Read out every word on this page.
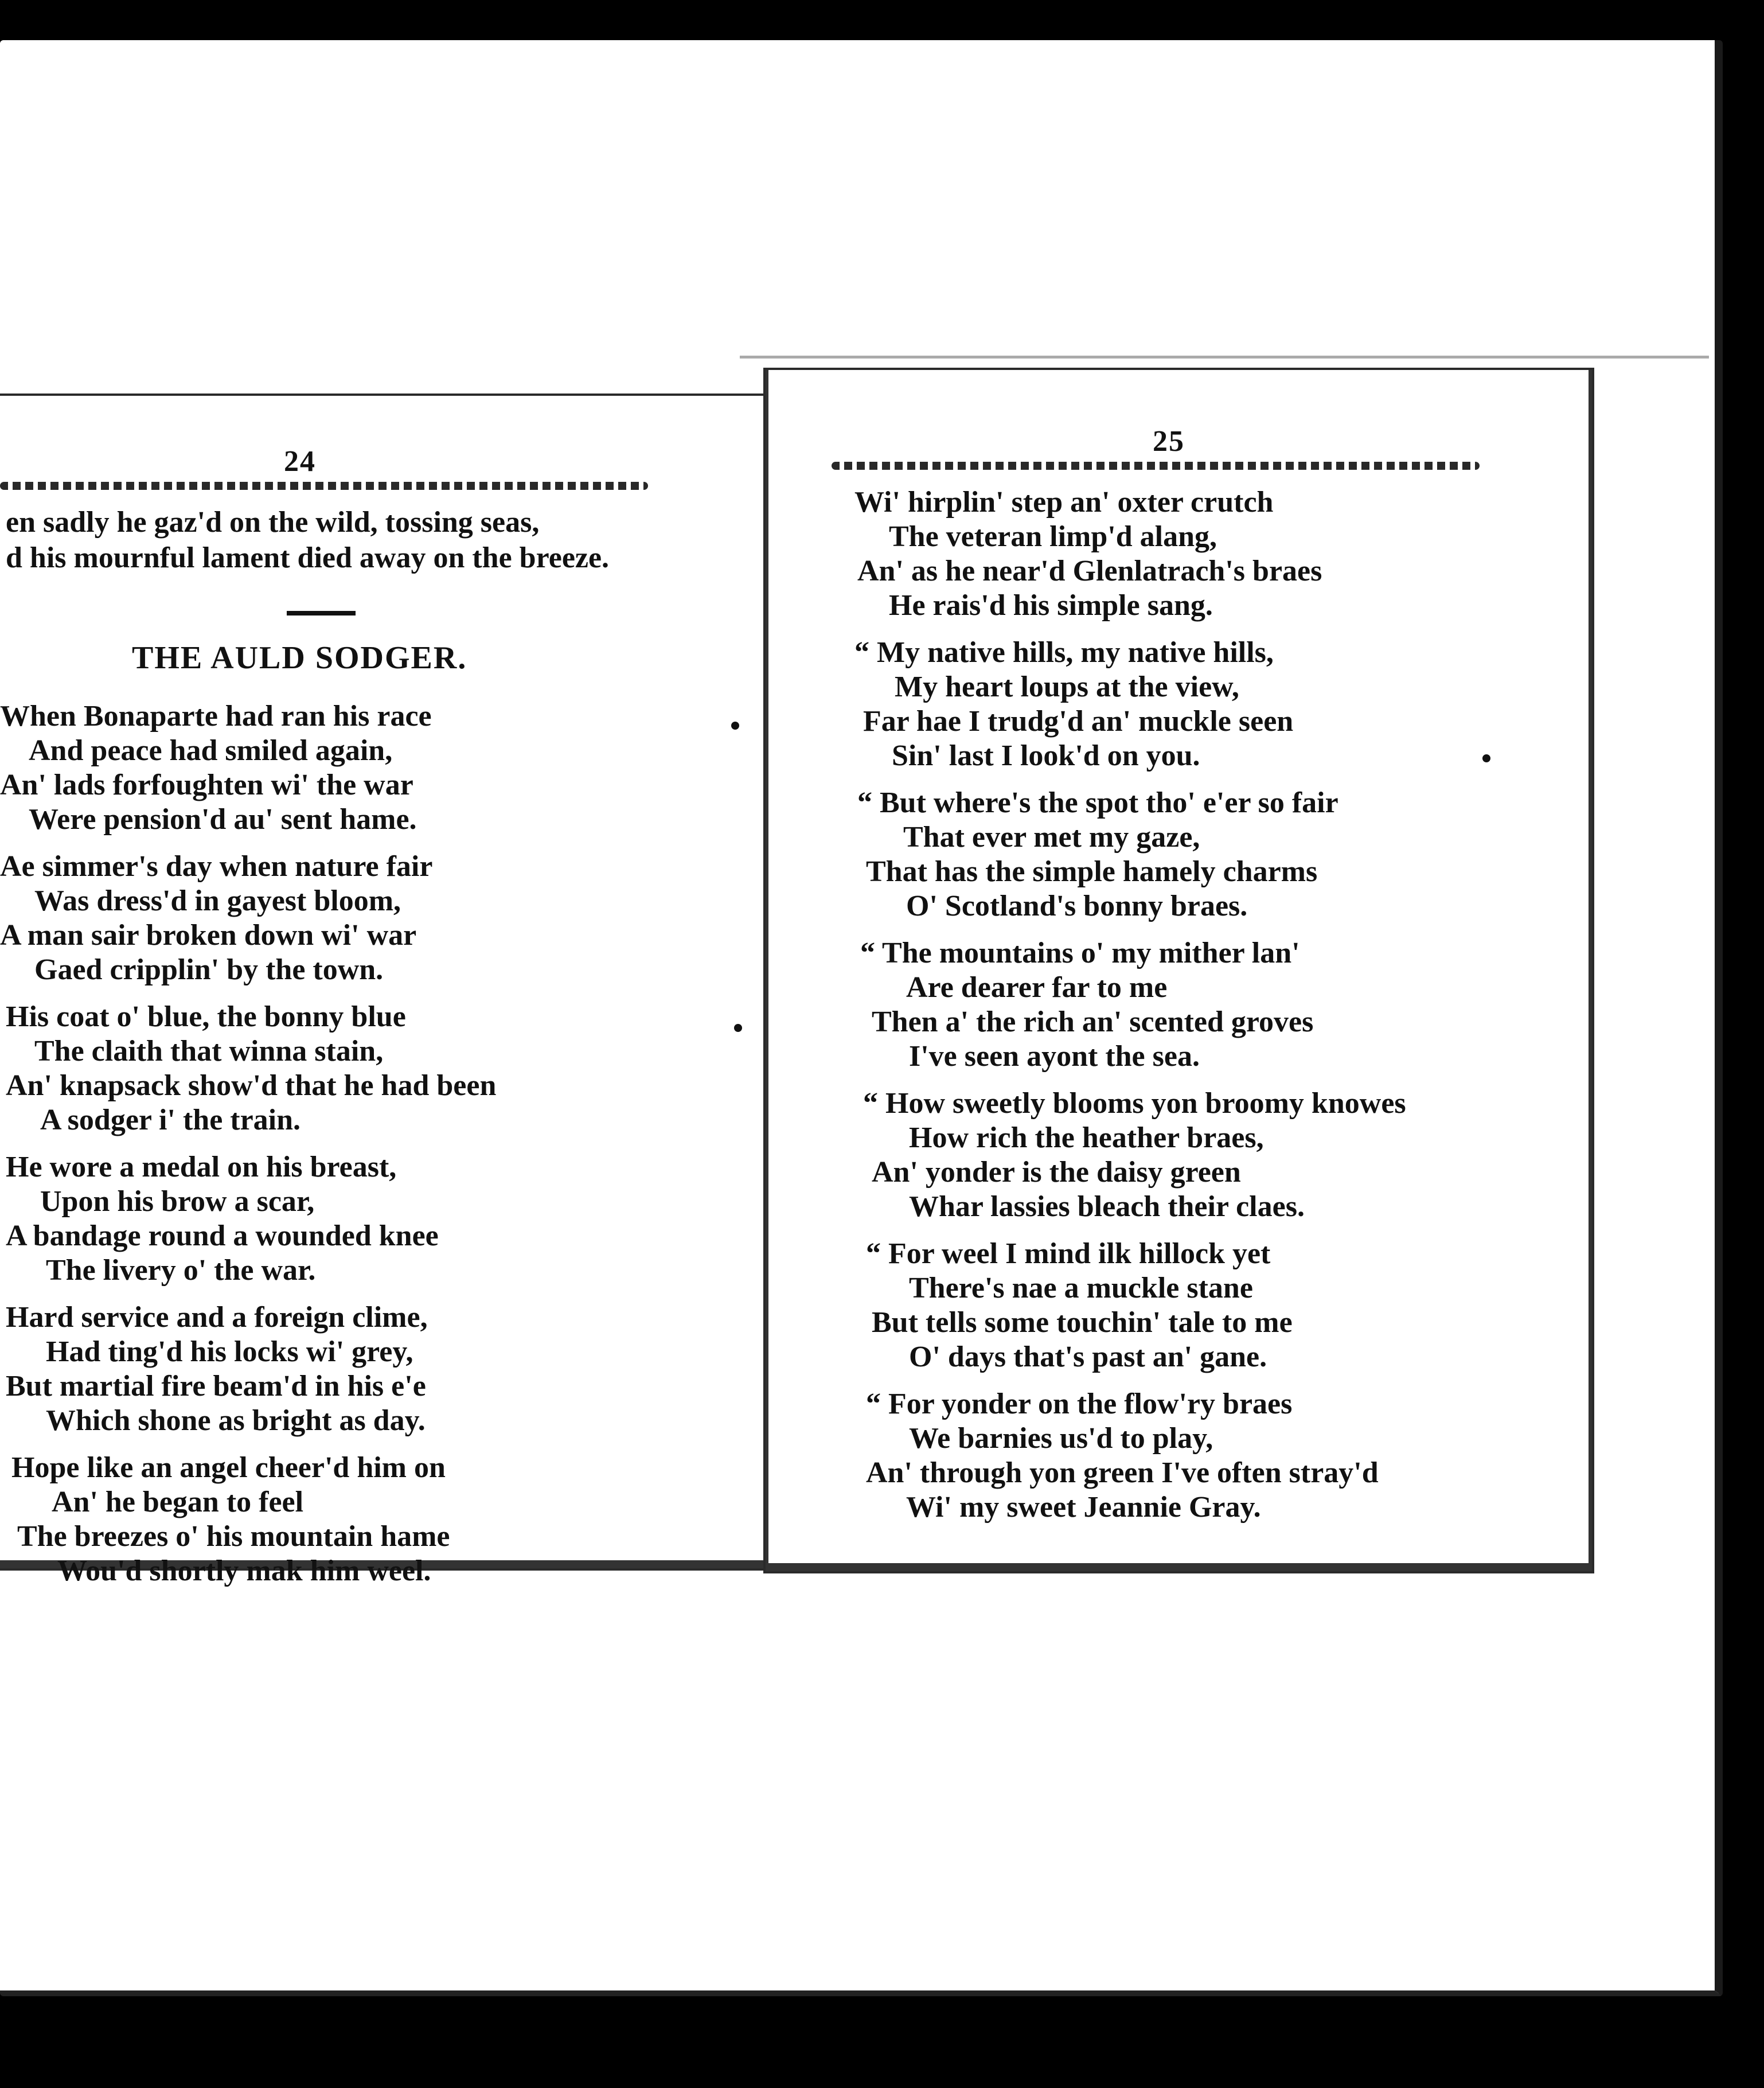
24
en sadly he gaz'd on the wild, tossing seas,
d his mournful lament died away on the breeze.
THE AULD SODGER.
When Bonaparte had ran his race
And peace had smiled again,
An' lads forfoughten wi' the war
Were pension'd au' sent hame.
Ae simmer's day when nature fair
Was dress'd in gayest bloom,
A man sair broken down wi' war
Gaed cripplin' by the town.
His coat o' blue, the bonny blue
The claith that winna stain,
An' knapsack show'd that he had been
A sodger i' the train.
He wore a medal on his breast,
Upon his brow a scar,
A bandage round a wounded knee
The livery o' the war.
Hard service and a foreign clime,
Had ting'd his locks wi' grey,
But martial fire beam'd in his e'e
Which shone as bright as day.
Hope like an angel cheer'd him on
An' he began to feel
The breezes o' his mountain hame
Wou'd shortly mak him weel.
25
Wi' hirplin' step an' oxter crutch
The veteran limp'd alang,
An' as he near'd Glenlatrach's braes
He rais'd his simple sang.
“ My native hills, my native hills,
My heart loups at the view,
Far hae I trudg'd an' muckle seen
Sin' last I look'd on you.
“ But where's the spot tho' e'er so fair
That ever met my gaze,
That has the simple hamely charms
O' Scotland's bonny braes.
“ The mountains o' my mither lan'
Are dearer far to me
Then a' the rich an' scented groves
I've seen ayont the sea.
“ How sweetly blooms yon broomy knowes
How rich the heather braes,
An' yonder is the daisy green
Whar lassies bleach their claes.
“ For weel I mind ilk hillock yet
There's nae a muckle stane
But tells some touchin' tale to me
O' days that's past an' gane.
“ For yonder on the flow'ry braes
We barnies us'd to play,
An' through yon green I've often stray'd
Wi' my sweet Jeannie Gray.
